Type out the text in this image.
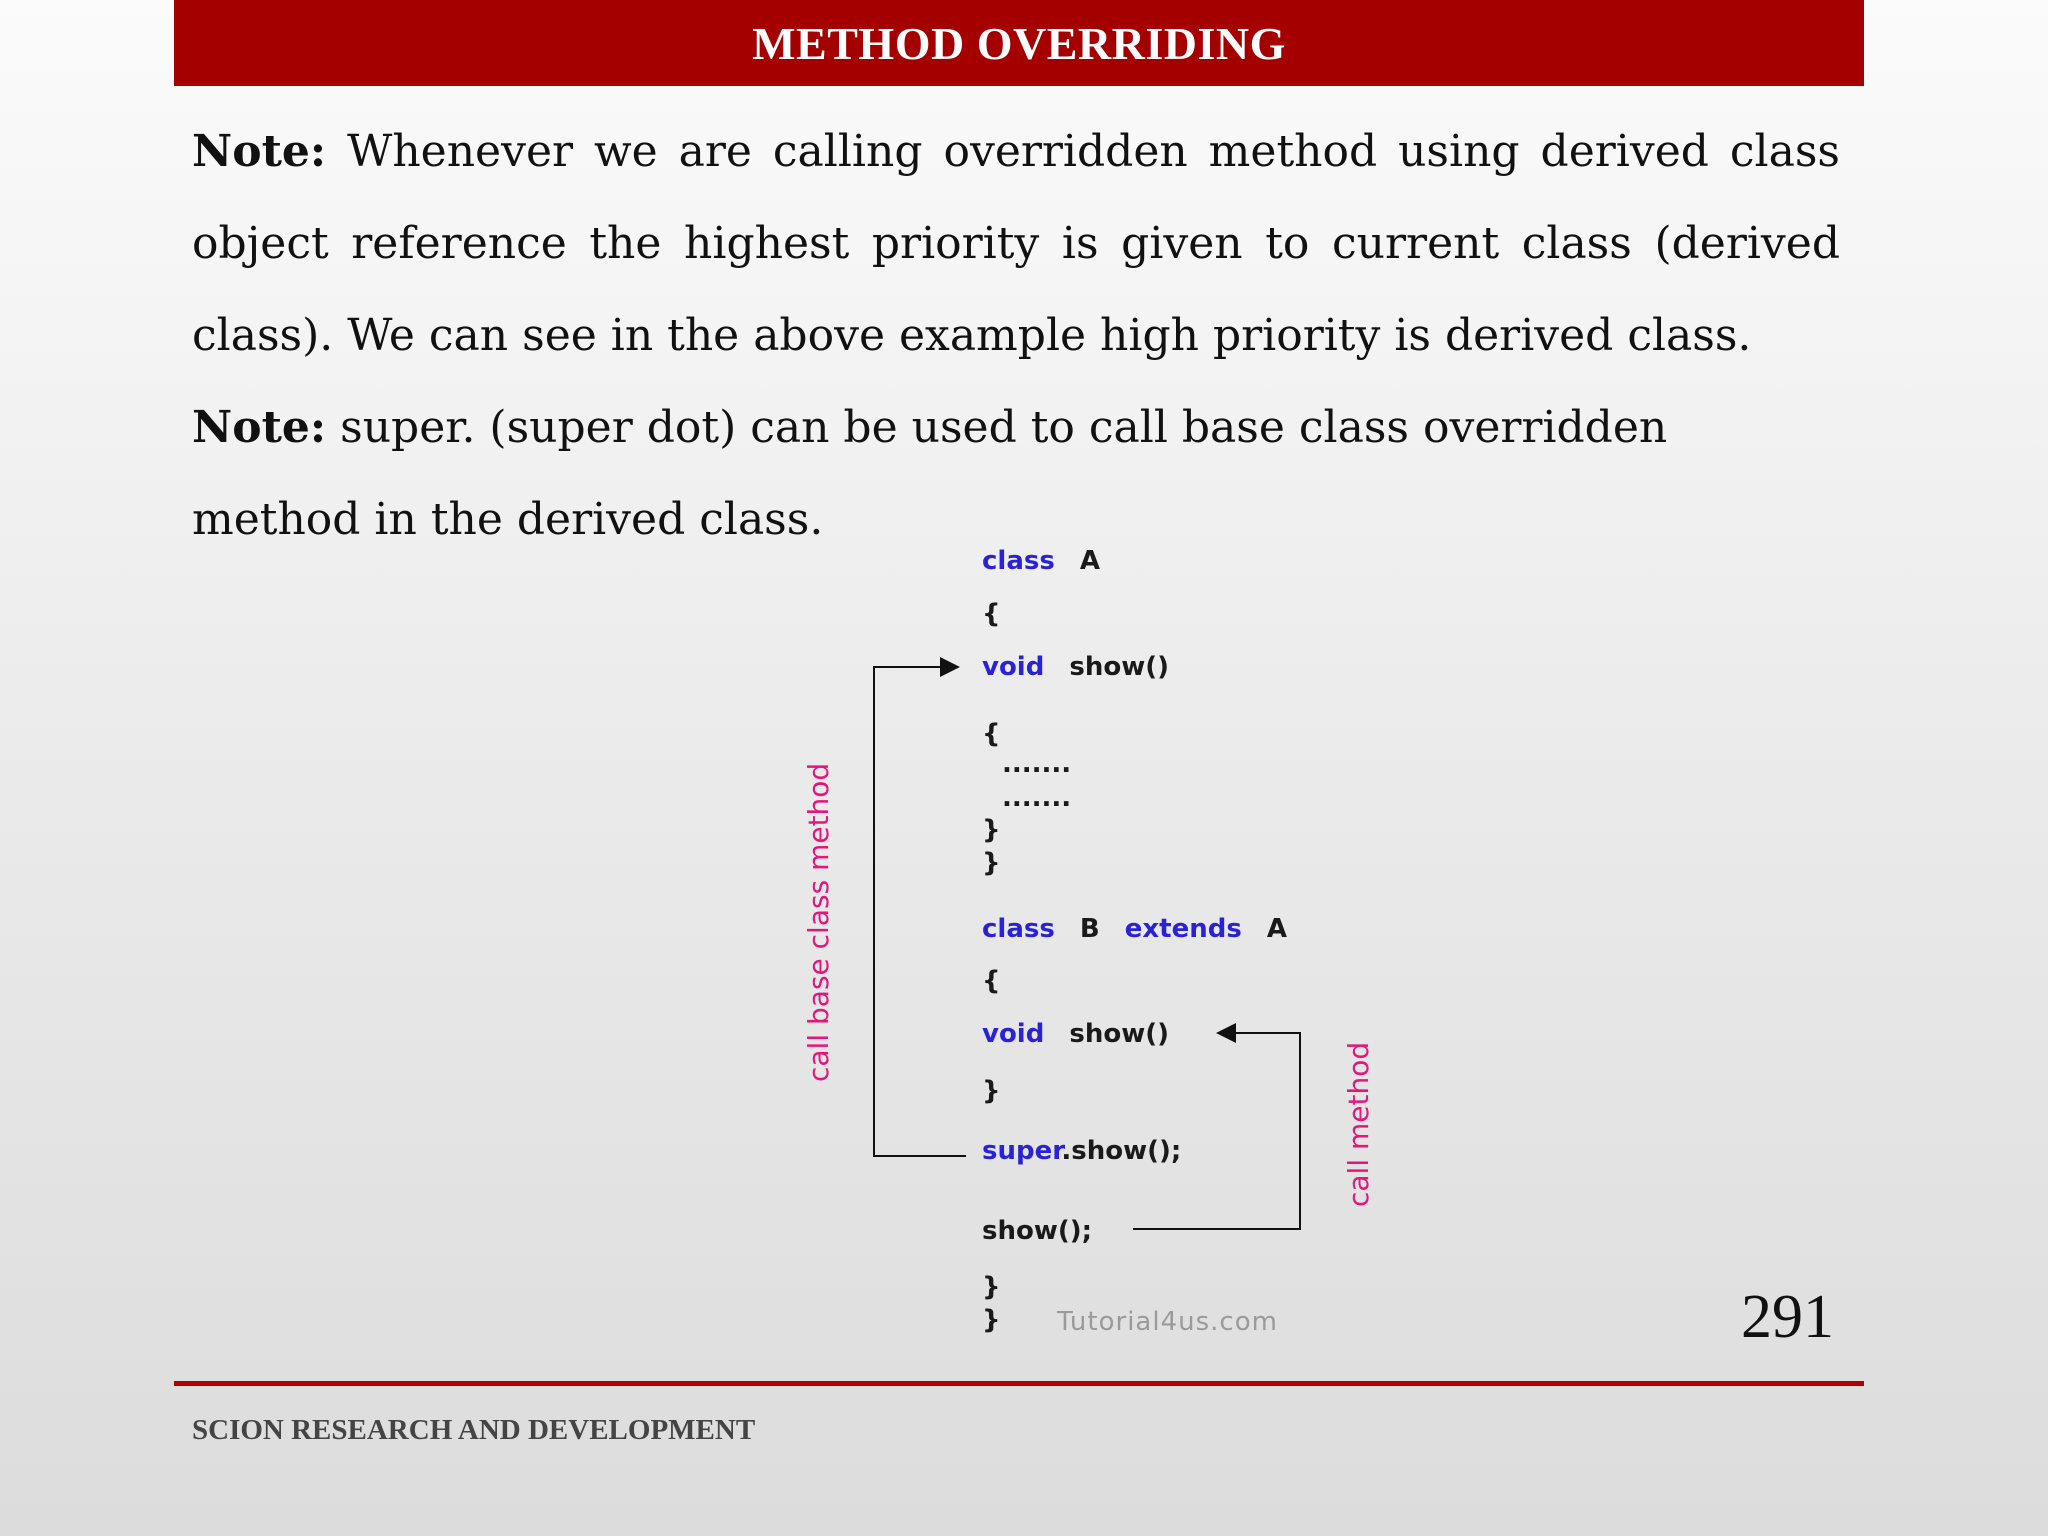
METHOD OVERRIDING

Note: Whenever we are calling overridden method using derived class object reference the highest priority is given to current class (derived class). We can see in the above example high priority is derived class.

Note: super. (super dot) can be used to call base class overridden method in the derived class.

class A
{
void show()
{
.......
.......
}
}
class B extends A
{
void show()
}
super.show();
show();
}
} Tutorial4us.com
call base class method
call method
291
SCION RESEARCH AND DEVELOPMENT
